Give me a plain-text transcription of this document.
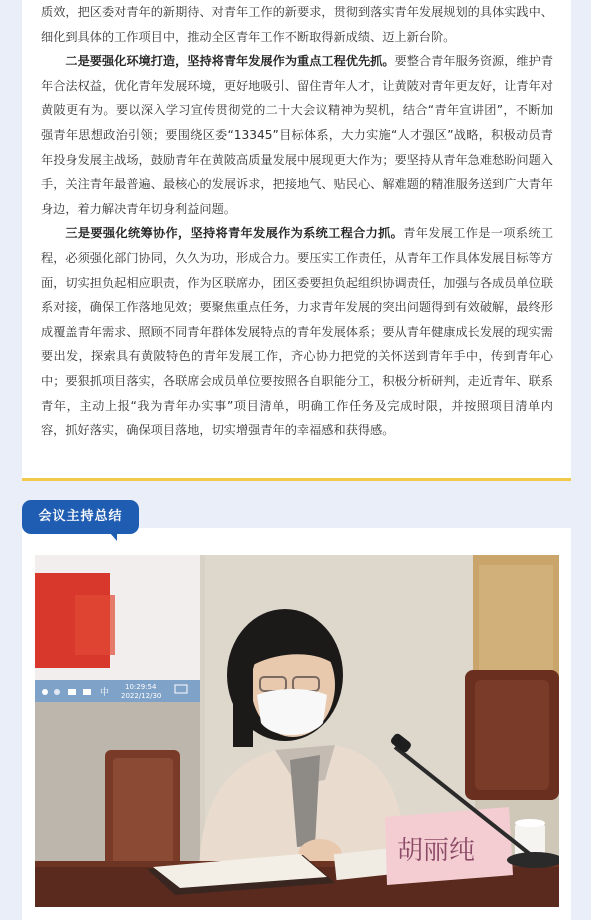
质效，把区委对青年的新期待、对青年工作的新要求，贯彻到落实青年发展规划的具体实践中、细化到具体的工作项目中，推动全区青年工作不断取得新成绩、迈上新台阶。

二是要强化环境打造，坚持将青年发展作为重点工程优先抓。要整合青年服务资源，维护青年合法权益，优化青年发展环境，更好地吸引、留住青年人才，让黄陂对青年更友好，让青年对黄陂更有为。要以深入学习宣传贯彻党的二十大会议精神为契机，结合“青年宣讲团”，不断加强青年思想政治引领；要围绕区委“13345”目标体系，大力实施“人才强区”战略，积极动员青年投身发展主战场，鼓励青年在黄陂高质量发展中展现更大作为；要坚持从青年急难愁盼问题入手，关注青年最普遍、最核心的发展诉求，把接地气、贴民心、解难题的精准服务送到广大青年身边，着力解决青年切身利益问题。

三是要强化统筹协作，坚持将青年发展作为系统工程合力抓。青年发展工作是一项系统工程，必须强化部门协同，久久为功，形成合力。要压实工作责任，从青年工作具体发展目标等方面，切实担负起相应职责，作为区联席办，团区委要担负起组织协调责任，加强与各成员单位联系对接，确保工作落地见效；要聚焦重点任务，力求青年发展的突出问题得到有效破解，最终形成覆盖青年需求、照顾不同青年群体发展特点的青年发展体系；要从青年健康成长发展的现实需要出发，探索具有黄陂特色的青年发展工作，齐心协力把党的关怀送到青年手中，传到青年心中；要狠抓项目落实，各联席会成员单位要按照各自职能分工，积极分析研判，走近青年、联系青年，主动上报“我为青年办实事”项目清单，明确工作任务及完成时限，并按照项目清单内容，抓好落实，确保项目落地，切实增强青年的幸福感和获得感。

会议主持总结
10:29:54
2022/12/30
中
胡丽纯
